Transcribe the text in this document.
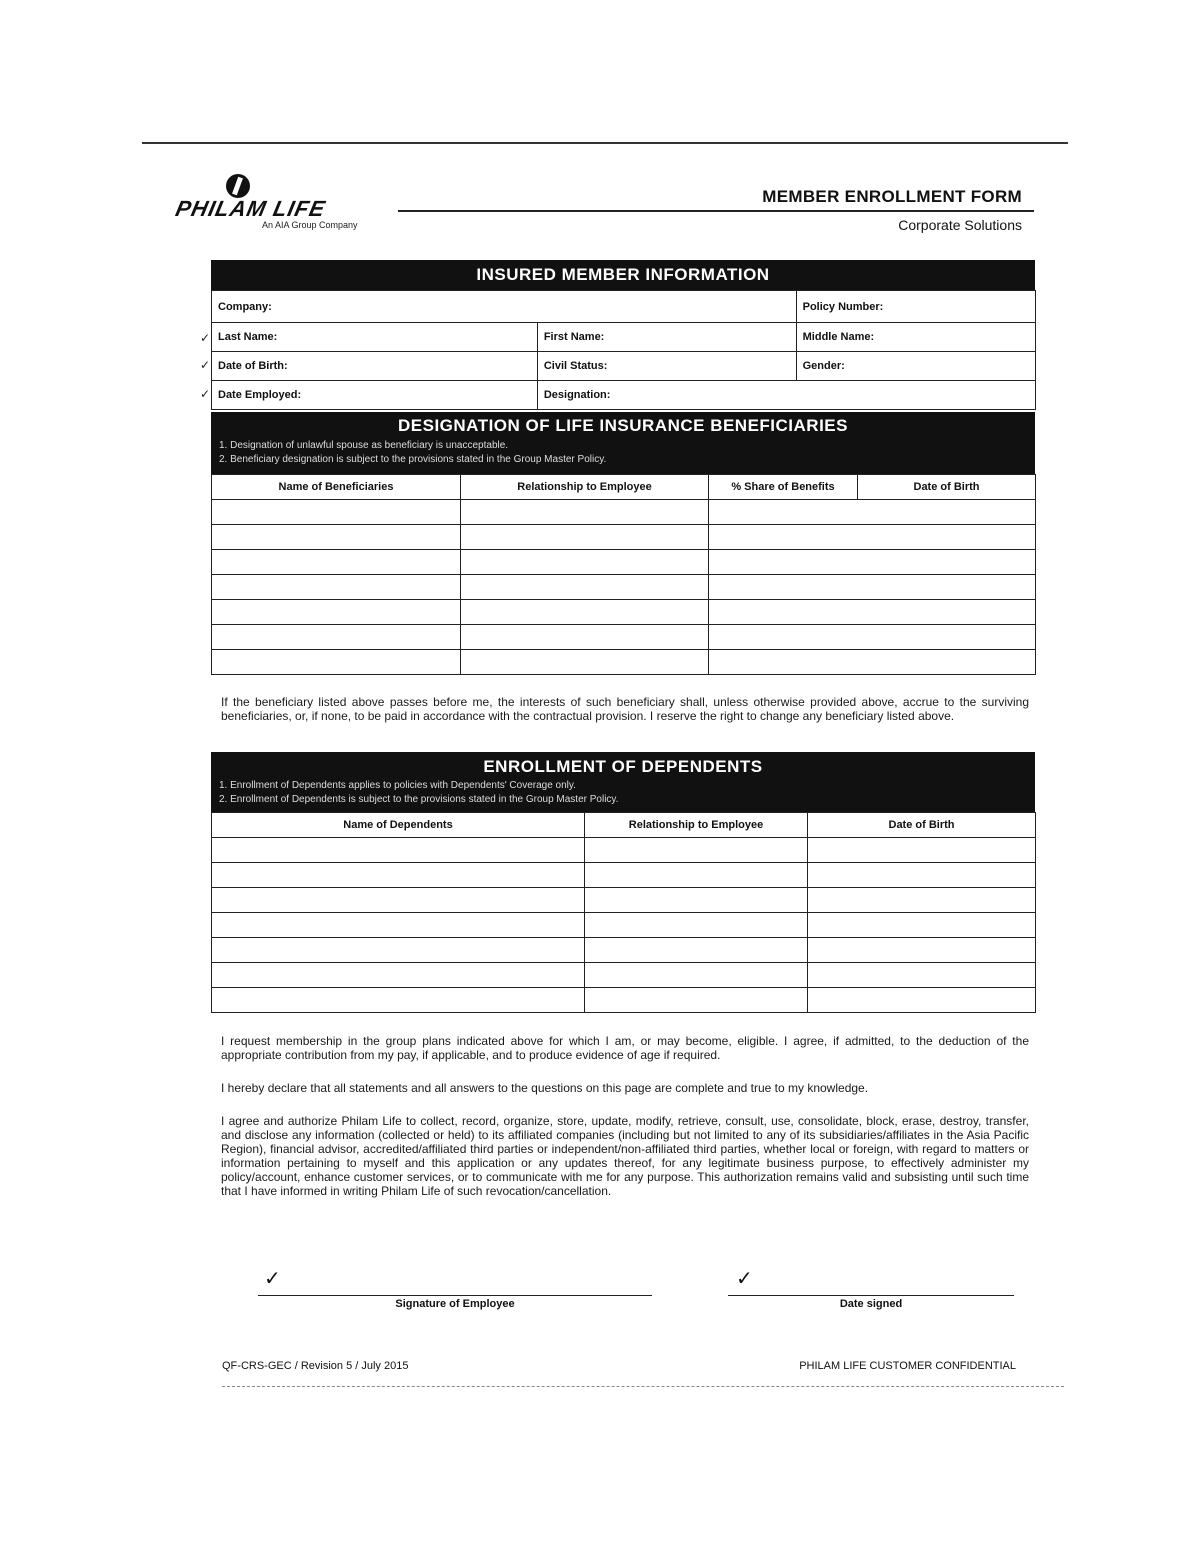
PHILAM LIFE
An AIA Group Company
MEMBER ENROLLMENT FORM
Corporate Solutions
INSURED MEMBER INFORMATION
Company:		Policy Number:
Last Name:	First Name:	Middle Name:
Date of Birth:	Civil Status:	Gender:
Date Employed:	Designation:	
✓
✓
✓
DESIGNATION OF LIFE INSURANCE BENEFICIARIES
1. Designation of unlawful spouse as beneficiary is unacceptable.
2. Beneficiary designation is subject to the provisions stated in the Group Master Policy.
Name of Beneficiaries	Relationship to Employee	% Share of Benefits	Date of Birth

If the beneficiary listed above passes before me, the interests of such beneficiary shall, unless otherwise provided above, accrue to the surviving beneficiaries, or, if none, to be paid in accordance with the contractual provision. I reserve the right to change any beneficiary listed above.
ENROLLMENT OF DEPENDENTS
1. Enrollment of Dependents applies to policies with Dependents' Coverage only.
2. Enrollment of Dependents is subject to the provisions stated in the Group Master Policy.
Name of Dependents	Relationship to Employee	Date of Birth

I request membership in the group plans indicated above for which I am, or may become, eligible. I agree, if admitted, to the deduction of the appropriate contribution from my pay, if applicable, and to produce evidence of age if required.
I hereby declare that all statements and all answers to the questions on this page are complete and true to my knowledge.
I agree and authorize Philam Life to collect, record, organize, store, update, modify, retrieve, consult, use, consolidate, block, erase, destroy, transfer, and disclose any information (collected or held) to its affiliated companies (including but not limited to any of its subsidiaries/affiliates in the Asia Pacific Region), financial advisor, accredited/affiliated third parties or independent/non-affiliated third parties, whether local or foreign, with regard to matters or information pertaining to myself and this application or any updates thereof, for any legitimate business purpose, to effectively administer my policy/account, enhance customer services, or to communicate with me for any purpose. This authorization remains valid and subsisting until such time that I have informed in writing Philam Life of such revocation/cancellation.
✓
Signature of Employee
✓
Date signed
QF-CRS-GEC / Revision 5 / July 2015	PHILAM LIFE CUSTOMER CONFIDENTIAL
